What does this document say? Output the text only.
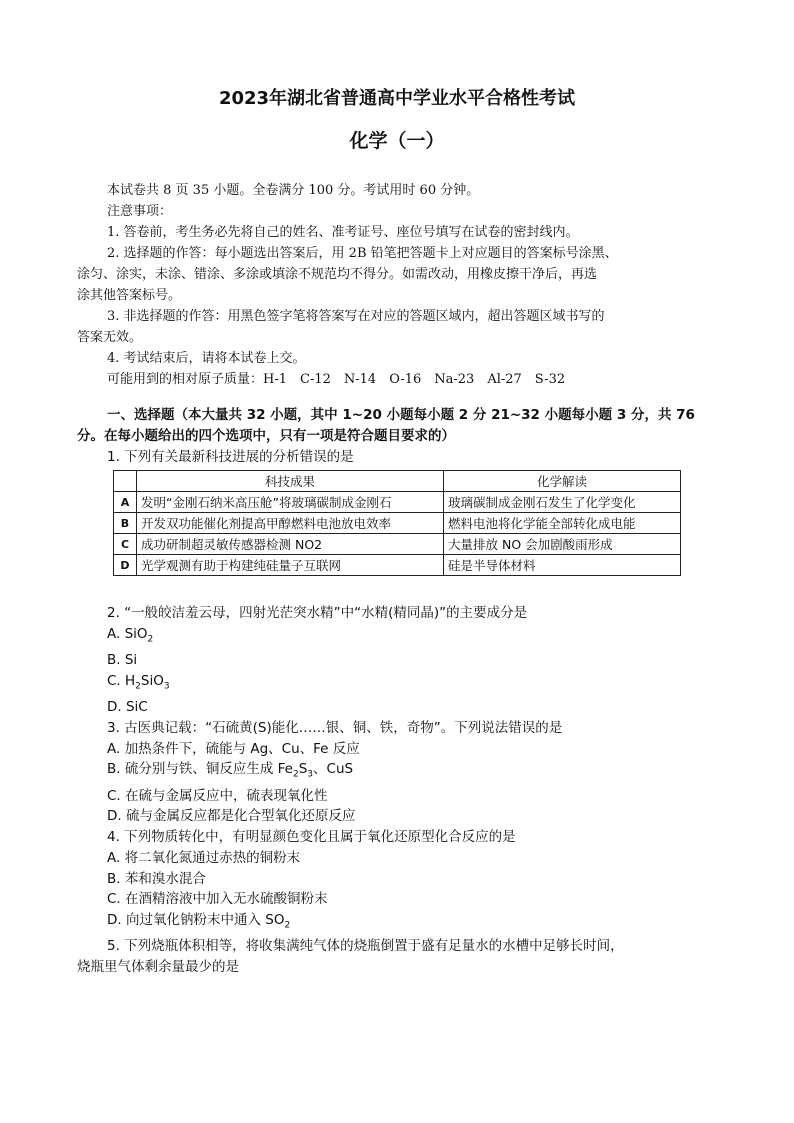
2023年湖北省普通高中学业水平合格性考试
化学（一）

本试卷共 8 页 35 小题。全卷满分 100 分。考试用时 60 分钟。

注意事项：

1. 答卷前，考生务必先将自己的姓名、准考证号、座位号填写在试卷的密封线内。

2. 选择题的作答：每小题选出答案后，用 2B 铅笔把答题卡上对应题目的答案标号涂黑、

涂匀、涂实，未涂、错涂、多涂或填涂不规范均不得分。如需改动，用橡皮擦干净后，再选

涂其他答案标号。

3. 非选择题的作答：用黑色签字笔将答案写在对应的答题区域内，超出答题区域书写的

答案无效。

4. 考试结束后，请将本试卷上交。

可能用到的相对原子质量：H-1　C-12　N-14　O-16　Na-23　Al-27　S-32

一、选择题（本大量共 32 小题，其中 1~20 小题每小题 2 分 21~32 小题每小题 3 分，共 76

分。在每小题给出的四个选项中，只有一项是符合题目要求的）

1. 下列有关最新科技进展的分析错误的是

	科技成果	化学解读
A	发明“金刚石纳米高压舱”将玻璃碳制成金刚石	玻璃碳制成金刚石发生了化学变化
B	开发双功能催化剂提高甲醇燃料电池放电效率	燃料电池将化学能全部转化成电能
C	成功研制超灵敏传感器检测 NO2	大量排放 NO 会加剧酸雨形成
D	光学观测有助于构建纯硅量子互联网	硅是半导体材料

2. “一般皎洁羞云母，四射光茫突水精”中“水精(精同晶)”的主要成分是

A. SiO$_2$

B. Si

C. $H_2SiO_3$

D. SiC

3. 古医典记载：“石硫黄(S)能化……银、铜、铁，奇物”。下列说法错误的是

A. 加热条件下，硫能与 Ag、Cu、Fe 反应

B. 硫分别与铁、铜反应生成 $Fe_2S_3$、CuS

C. 在硫与金属反应中，硫表现氧化性

D. 硫与金属反应都是化合型氧化还原反应

4. 下列物质转化中，有明显颜色变化且属于氧化还原型化合反应的是

A. 将二氧化氮通过赤热的铜粉末

B. 苯和溴水混合

C. 在酒精溶液中加入无水硫酸铜粉末

D. 向过氧化钠粉末中通入 $SO_2$

5. 下列烧瓶体积相等，将收集满纯气体的烧瓶倒置于盛有足量水的水槽中足够长时间，

烧瓶里气体剩余量最少的是
